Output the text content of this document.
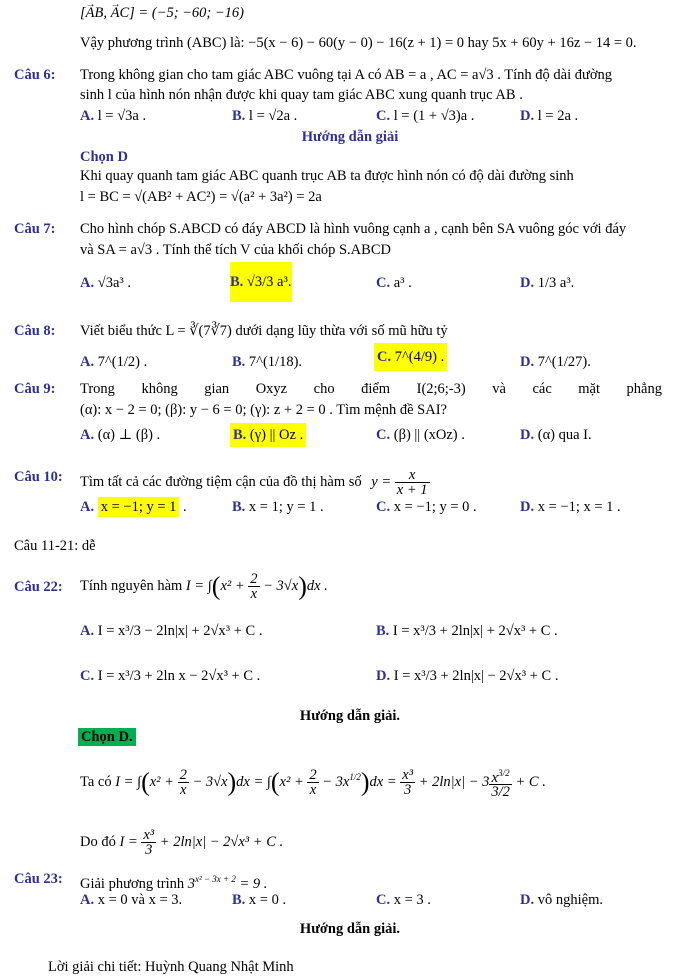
[→ AB, → AC] = (−5; −60; −16)
Vậy phương trình (ABC) là: −5(x − 6) − 60(y − 0) − 16(z + 1) = 0 hay 5x + 60y + 16z − 14 = 0.
Câu 6: Trong không gian cho tam giác ABC vuông tại A có AB = a , AC = a√3 . Tính độ dài đường
sinh l của hình nón nhận được khi quay tam giác ABC xung quanh trục AB .
A. l = √3a .	B. l = √2a .	C. l = (1 + √3)a .	D. l = 2a .
Hướng dẫn giải
Chọn D
Khi quay quanh tam giác ABC quanh trục AB ta được hình nón có độ dài đường sinh
l = BC = √(AB² + AC²) = √(a² + 3a²) = 2a
Câu 7: Cho hình chóp S.ABCD có đáy ABCD là hình vuông cạnh a , cạnh bên SA vuông góc với đáy
và SA = a√3 . Tính thể tích V của khối chóp S.ABCD
A. √3a³ .	B. √3/3 a³.	C. a³ .	D. 1/3 a³.
Câu 8: Viết biểu thức L = ∛(7∛7) dưới dạng lũy thừa với số mũ hữu tỷ
A. 7^(1/2) .	B. 7^(1/18).	C. 7^(4/9) .	D. 7^(1/27).
Câu 9: Trong không gian Oxyz cho điểm I(2;6;-3) và các mặt phẳng
(α): x − 2 = 0; (β): y − 6 = 0; (γ): z + 2 = 0 . Tìm mệnh đề SAI?
A. (α) ⊥ (β) .	B. (γ) || Oz .	C. (β) || (xOz) .	D. (α) qua I.
Câu 10: Tìm tất cả các đường tiệm cận của đồ thị hàm số $y = \frac{x}{x + 1}$
A. x = −1; y = 1 .	B. x = 1; y = 1 .	C. x = −1; y = 0 .	D. x = −1; x = 1 .
Câu 11-21: dễ
Câu 22: Tính nguyên hàm $I = \int(x^2 + \frac{2}{x} - 3√x)dx$ .
A. I = x³/3 − 2ln|x| + 2√x³ + C .	B. I = x³/3 + 2ln|x| + 2√x³ + C .
C. I = x³/3 + 2ln x − 2√x³ + C .	D. I = x³/3 + 2ln|x| − 2√x³ + C .
Hướng dẫn giải.
Chọn D.
Ta có $I = \int(x^2 + \frac{2}{x} - 3√x)dx = \int(x^2 + \frac{2}{x} - 3x^{1/2})dx = \frac{\text{x³}}{3} + 2\ln|x| - 3 \frac{x^{3/2}}{3/2} + C$ .
Do đó $I = \frac{\text{x³}}{3} + 2\ln|x| - 2√x^3 + C$ .
Câu 23: Giải phương trình $3^{x^2 - 3x + 2} = 9$ .
A. x = 0 và x = 3.	B. x = 0 .	C. x = 3 .	D. vô nghiệm.
Hướng dẫn giải.
Lời giải chi tiết: Huỳnh Quang Nhật Minh
